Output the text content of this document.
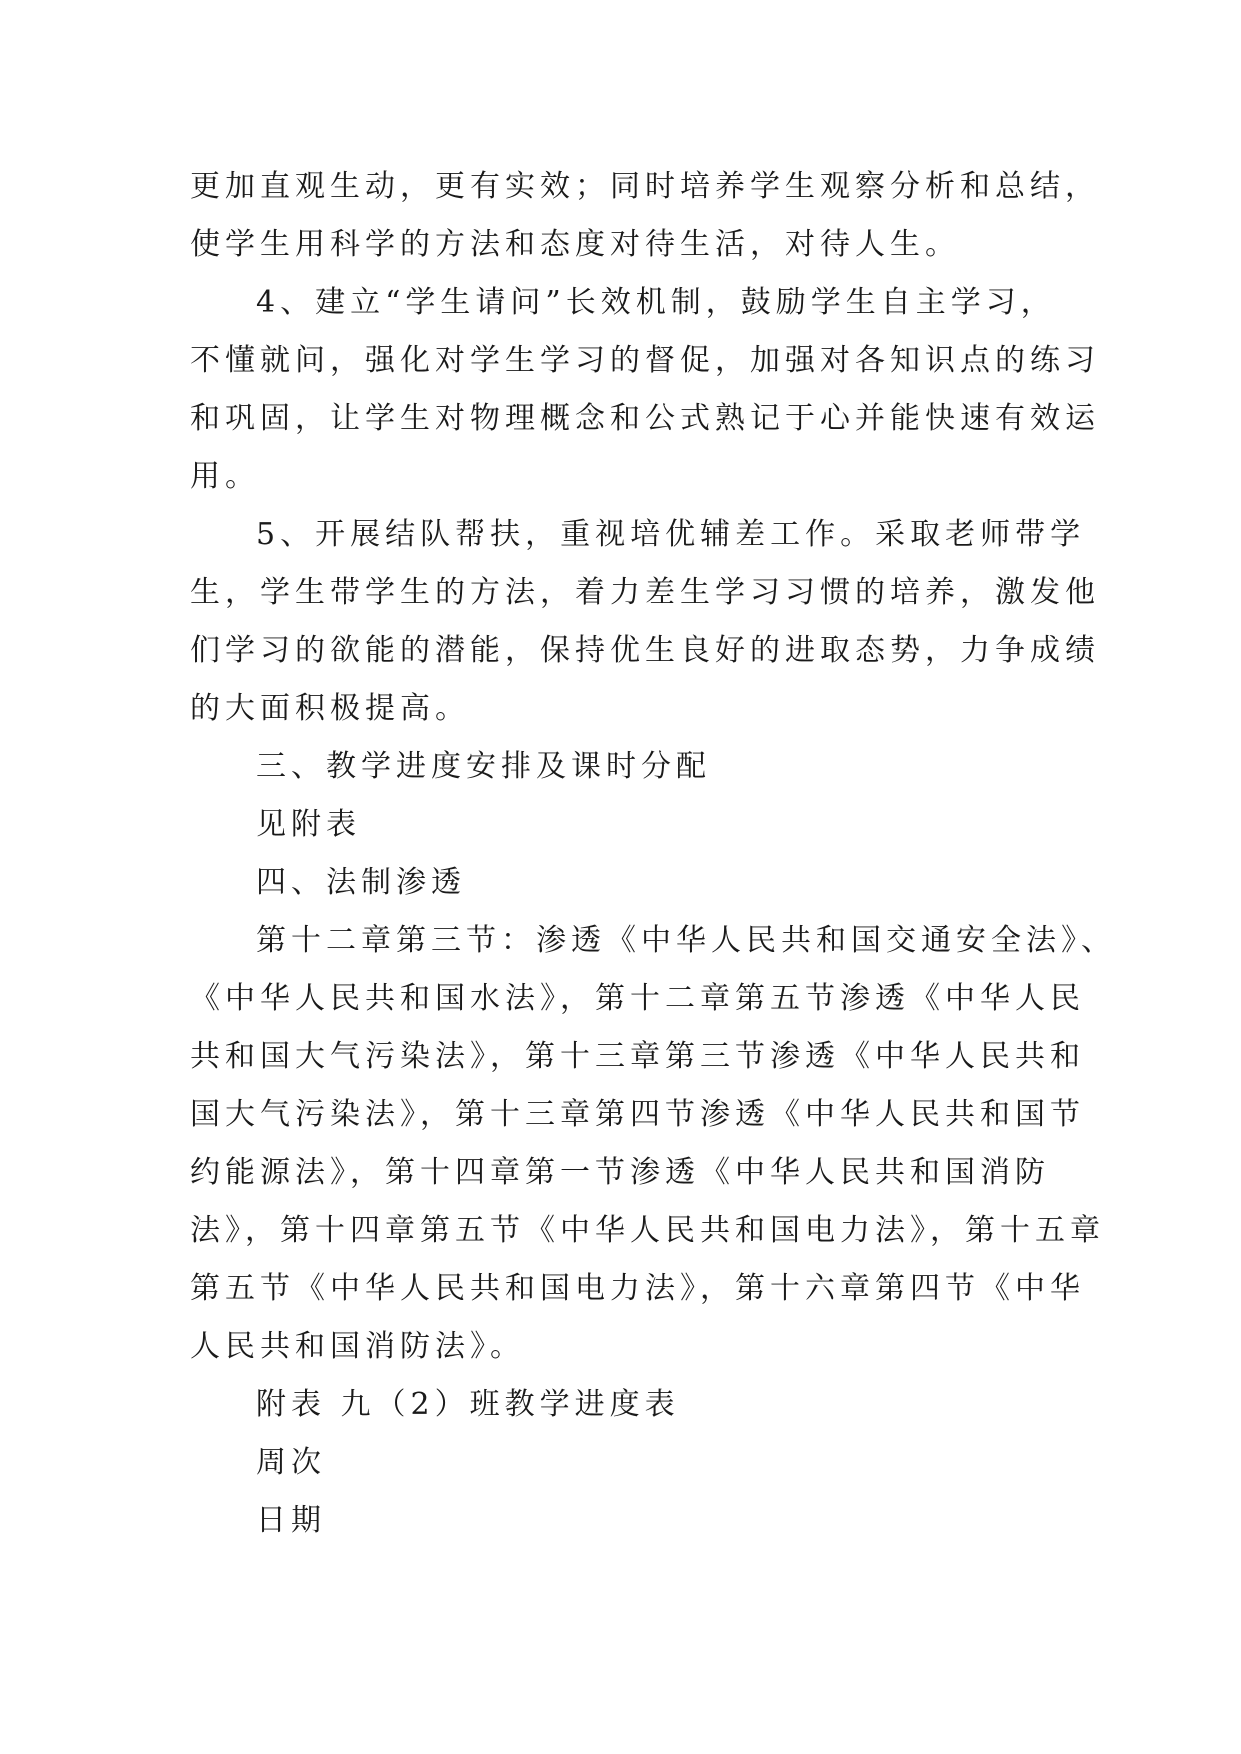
更加直观生动，更有实效；同时培养学生观察分析和总结，
使学生用科学的方法和态度对待生活，对待人生。
4、建立“学生请问”长效机制，鼓励学生自主学习，
不懂就问，强化对学生学习的督促，加强对各知识点的练习
和巩固，让学生对物理概念和公式熟记于心并能快速有效运
用。
5、开展结队帮扶，重视培优辅差工作。采取老师带学
生，学生带学生的方法，着力差生学习习惯的培养，激发他
们学习的欲能的潜能，保持优生良好的进取态势，力争成绩
的大面积极提高。
三、教学进度安排及课时分配
见附表
四、法制渗透
第十二章第三节：渗透《中华人民共和国交通安全法》、
《中华人民共和国水法》，第十二章第五节渗透《中华人民
共和国大气污染法》，第十三章第三节渗透《中华人民共和
国大气污染法》，第十三章第四节渗透《中华人民共和国节
约能源法》，第十四章第一节渗透《中华人民共和国消防
法》，第十四章第五节《中华人民共和国电力法》，第十五章
第五节《中华人民共和国电力法》，第十六章第四节《中华
人民共和国消防法》。
附表 九（2）班教学进度表
周次
日期
